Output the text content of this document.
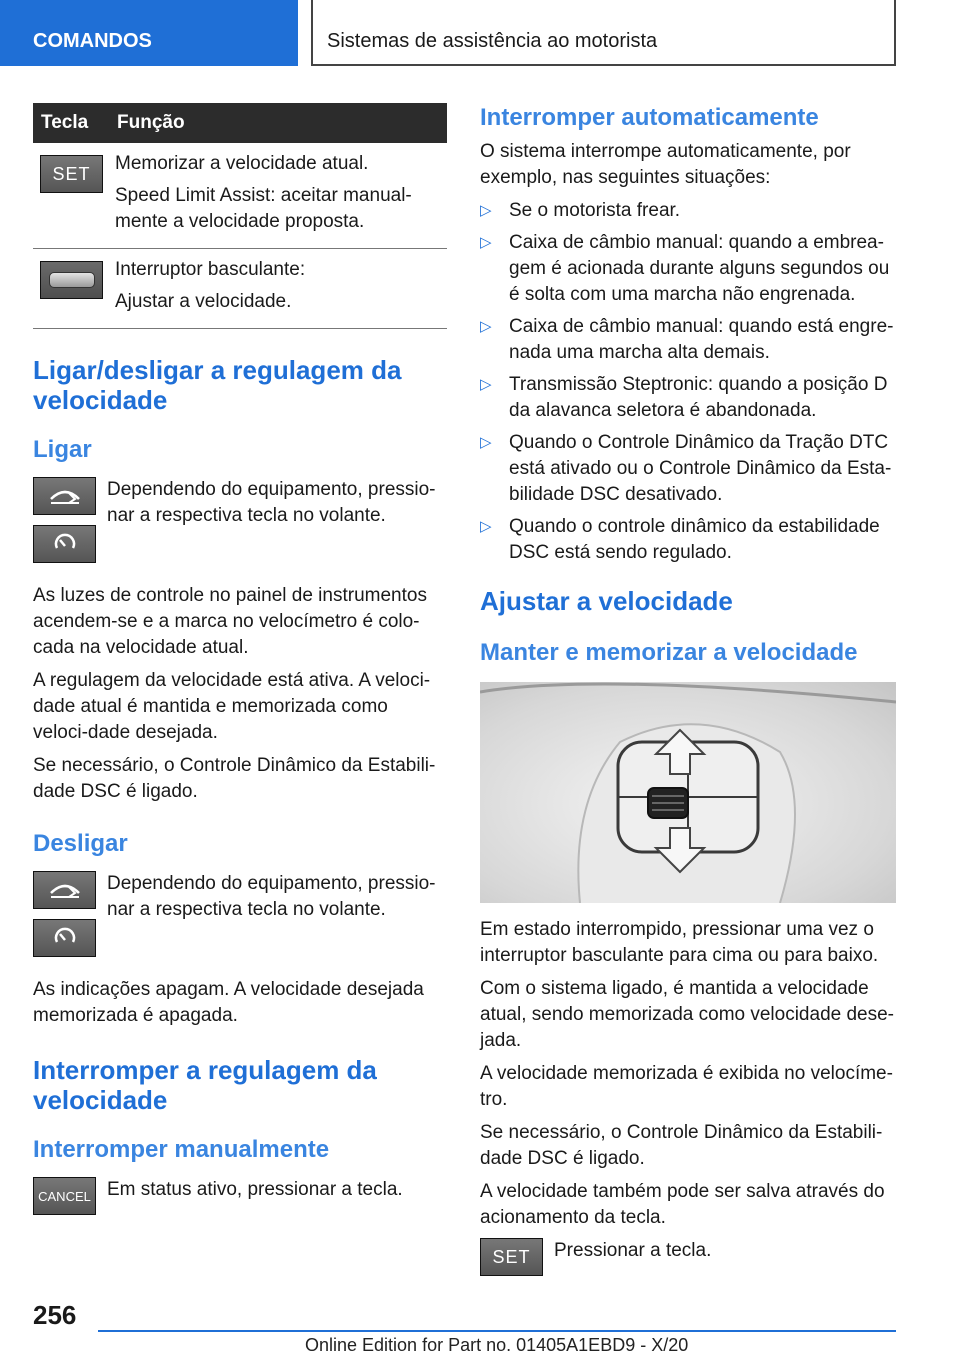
COMANDOS	Sistemas de assistência ao motorista
Tecla	Função

SET	Memorizar a velocidade atual.

Speed Limit Assist: aceitar manual-mente a velocidade proposta.

	Interruptor basculante:

Ajustar a velocidade.

Ligar/desligar a regulagem da velocidade
Ligar
Dependendo do equipamento, pressio-nar a respectiva tecla no volante.

As luzes de controle no painel de instrumentos acendem-se e a marca no velocímetro é colo-cada na velocidade atual.

A regulagem da velocidade está ativa. A veloci-dade atual é mantida e memorizada como veloci-dade desejada.

Se necessário, o Controle Dinâmico da Estabili-dade DSC é ligado.

Desligar
Dependendo do equipamento, pressio-nar a respectiva tecla no volante.

As indicações apagam. A velocidade desejada memorizada é apagada.

Interromper a regulagem da velocidade
Interromper manualmente
CANCEL Em status ativo, pressionar a tecla.
Interromper automaticamente

O sistema interrompe automaticamente, por exemplo, nas seguintes situações:

▷ Se o motorista frear.
▷ Caixa de câmbio manual: quando a embrea-gem é acionada durante alguns segundos ou é solta com uma marcha não engrenada.
▷ Caixa de câmbio manual: quando está engre-nada uma marcha alta demais.
▷ Transmissão Steptronic: quando a posição D da alavanca seletora é abandonada.
▷ Quando o Controle Dinâmico da Tração DTC está ativado ou o Controle Dinâmico da Esta-bilidade DSC desativado.
▷ Quando o controle dinâmico da estabilidade DSC está sendo regulado.
Ajustar a velocidade
Manter e memorizar a velocidade

Em estado interrompido, pressionar uma vez o interruptor basculante para cima ou para baixo.

Com o sistema ligado, é mantida a velocidade atual, sendo memorizada como velocidade dese-jada.

A velocidade memorizada é exibida no velocíme-tro.

Se necessário, o Controle Dinâmico da Estabili-dade DSC é ligado.

A velocidade também pode ser salva através do acionamento da tecla.

SET Pressionar a tecla.
256
Online Edition for Part no. 01405A1EBD9 - X/20
